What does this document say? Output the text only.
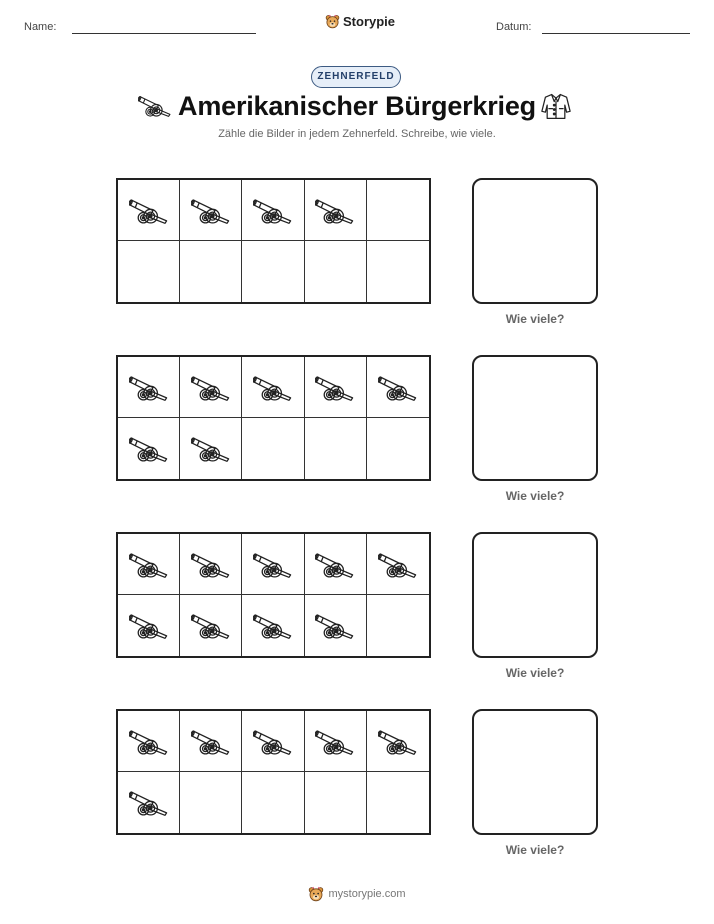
Name:	Storypie	Datum:
ZEHNERFELD
Amerikanischer Bürgerkrieg
Zähle die Bilder in jedem Zehnerfeld. Schreibe, wie viele.
Wie viele?
Wie viele?
Wie viele?
Wie viele?
mystorypie.com
